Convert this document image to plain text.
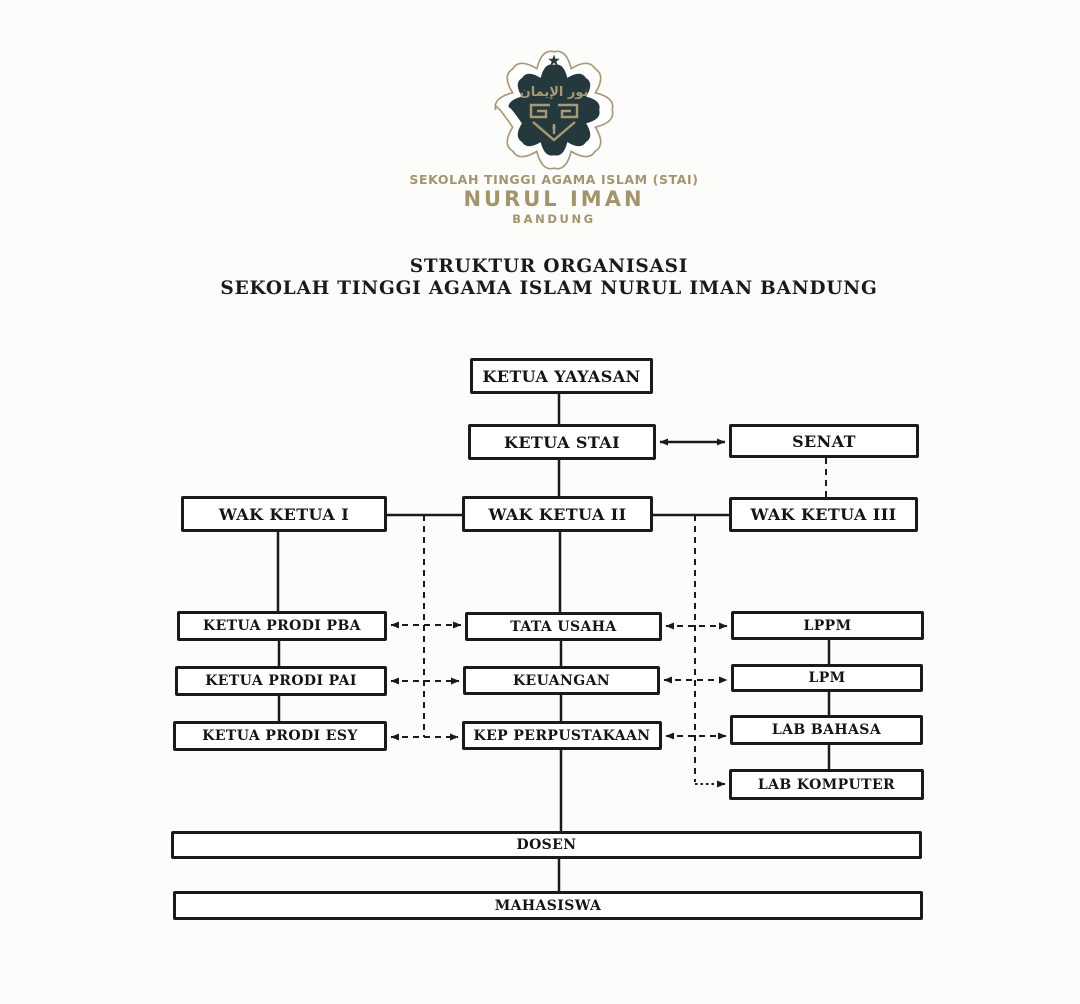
نور الإيمان
SEKOLAH TINGGI AGAMA ISLAM (STAI)
NURUL IMAN
BANDUNG
STRUKTUR ORGANISASI
SEKOLAH TINGGI AGAMA ISLAM NURUL IMAN BANDUNG
KETUA YAYASAN
KETUA STAI	SENAT
WAK KETUA I	WAK KETUA II	WAK KETUA III
KETUA PRODI PBA
KETUA PRODI PAI
KETUA PRODI ESY
TATA USAHA
KEUANGAN
KEP PERPUSTAKAAN
LPPM
LPM
LAB BAHASA
LAB KOMPUTER
DOSEN
MAHASISWA
